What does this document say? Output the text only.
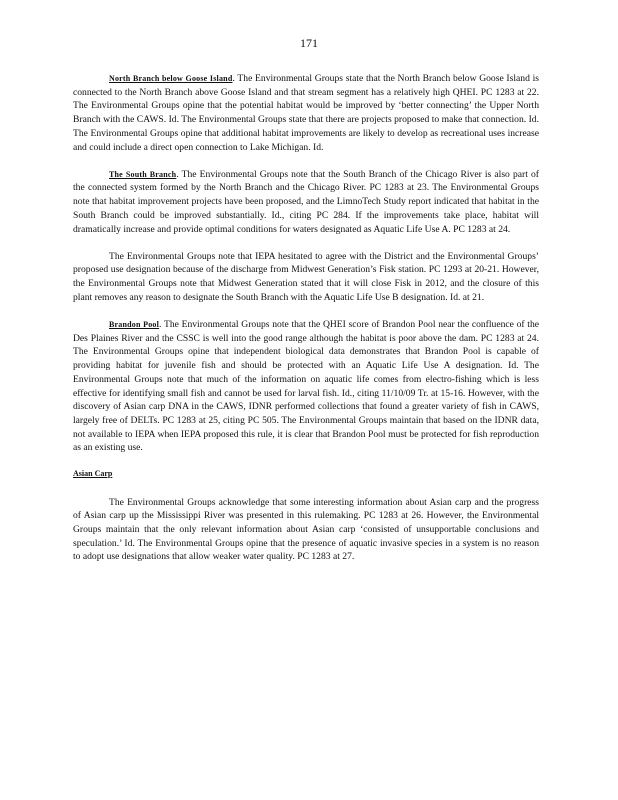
171

North Branch below Goose Island. The Environmental Groups state that the North Branch below Goose Island is connected to the North Branch above Goose Island and that stream segment has a relatively high QHEI. PC 1283 at 22. The Environmental Groups opine that the potential habitat would be improved by ‘better connecting’ the Upper North Branch with the CAWS. Id. The Environmental Groups state that there are projects proposed to make that connection. Id. The Environmental Groups opine that additional habitat improvements are likely to develop as recreational uses increase and could include a direct open connection to Lake Michigan. Id.

The South Branch. The Environmental Groups note that the South Branch of the Chicago River is also part of the connected system formed by the North Branch and the Chicago River. PC 1283 at 23. The Environmental Groups note that habitat improvement projects have been proposed, and the LimnoTech Study report indicated that habitat in the South Branch could be improved substantially. Id., citing PC 284. If the improvements take place, habitat will dramatically increase and provide optimal conditions for waters designated as Aquatic Life Use A. PC 1283 at 24.

The Environmental Groups note that IEPA hesitated to agree with the District and the Environmental Groups’ proposed use designation because of the discharge from Midwest Generation’s Fisk station. PC 1293 at 20-21. However, the Environmental Groups note that Midwest Generation stated that it will close Fisk in 2012, and the closure of this plant removes any reason to designate the South Branch with the Aquatic Life Use B designation. Id. at 21.

Brandon Pool. The Environmental Groups note that the QHEI score of Brandon Pool near the confluence of the Des Plaines River and the CSSC is well into the good range although the habitat is poor above the dam. PC 1283 at 24. The Environmental Groups opine that independent biological data demonstrates that Brandon Pool is capable of providing habitat for juvenile fish and should be protected with an Aquatic Life Use A designation. Id. The Environmental Groups note that much of the information on aquatic life comes from electro-fishing which is less effective for identifying small fish and cannot be used for larval fish. Id., citing 11/10/09 Tr. at 15-16. However, with the discovery of Asian carp DNA in the CAWS, IDNR performed collections that found a greater variety of fish in CAWS, largely free of DELTs. PC 1283 at 25, citing PC 505. The Environmental Groups maintain that based on the IDNR data, not available to IEPA when IEPA proposed this rule, it is clear that Brandon Pool must be protected for fish reproduction as an existing use.

Asian Carp

The Environmental Groups acknowledge that some interesting information about Asian carp and the progress of Asian carp up the Mississippi River was presented in this rulemaking. PC 1283 at 26. However, the Environmental Groups maintain that the only relevant information about Asian carp ‘consisted of unsupportable conclusions and speculation.’ Id. The Environmental Groups opine that the presence of aquatic invasive species in a system is no reason to adopt use designations that allow weaker water quality. PC 1283 at 27.
